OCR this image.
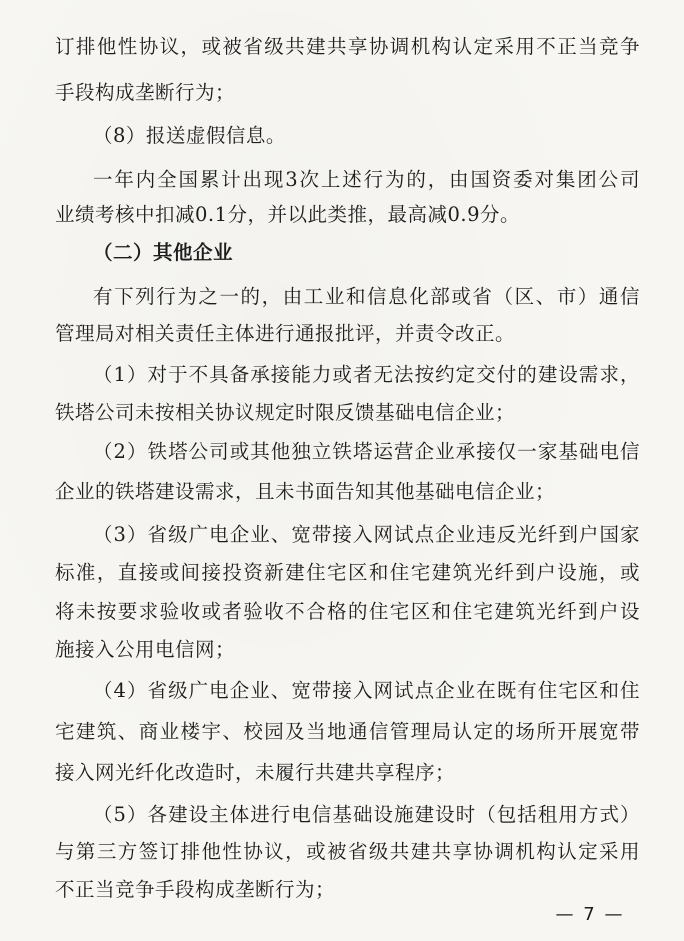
订排他性协议，或被省级共建共享协调机构认定采用不正当竞争
手段构成垄断行为；
（8）报送虚假信息。
一年内全国累计出现3次上述行为的，由国资委对集团公司
业绩考核中扣减0.1分，并以此类推，最高减0.9分。
（二）其他企业
有下列行为之一的，由工业和信息化部或省（区、市）通信
管理局对相关责任主体进行通报批评，并责令改正。
（1）对于不具备承接能力或者无法按约定交付的建设需求，
铁塔公司未按相关协议规定时限反馈基础电信企业；
（2）铁塔公司或其他独立铁塔运营企业承接仅一家基础电信
企业的铁塔建设需求，且未书面告知其他基础电信企业；
（3）省级广电企业、宽带接入网试点企业违反光纤到户国家
标准，直接或间接投资新建住宅区和住宅建筑光纤到户设施，或
将未按要求验收或者验收不合格的住宅区和住宅建筑光纤到户设
施接入公用电信网；
（4）省级广电企业、宽带接入网试点企业在既有住宅区和住
宅建筑、商业楼宇、校园及当地通信管理局认定的场所开展宽带
接入网光纤化改造时，未履行共建共享程序；
（5）各建设主体进行电信基础设施建设时（包括租用方式）
与第三方签订排他性协议，或被省级共建共享协调机构认定采用
不正当竞争手段构成垄断行为；
— 7 —
